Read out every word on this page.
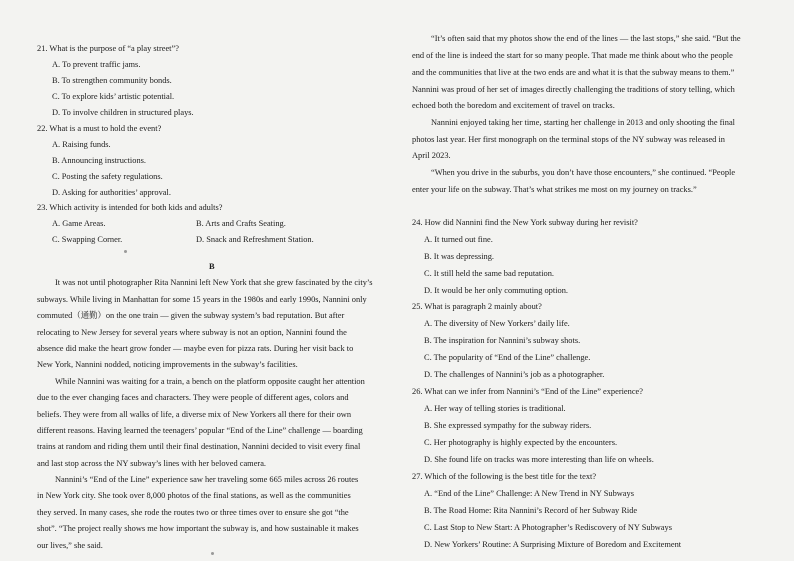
21. What is the purpose of “a play street”?
A. To prevent traffic jams.
B. To strengthen community bonds.
C. To explore kids’ artistic potential.
D. To involve children in structured plays.
22. What is a must to hold the event?
A. Raising funds.
B. Announcing instructions.
C. Posting the safety regulations.
D. Asking for authorities’ approval.
23. Which activity is intended for both kids and adults?
A. Game Areas.	B. Arts and Crafts Seating.
C. Swapping Corner.	D. Snack and Refreshment Station.
B
It was not until photographer Rita Nannini left New York that she grew fascinated by the city’s
subways. While living in Manhattan for some 15 years in the 1980s and early 1990s, Nannini only
commuted（通勤）on the one train — given the subway system’s bad reputation. But after
relocating to New Jersey for several years where subway is not an option, Nannini found the
absence did make the heart grow fonder — maybe even for pizza rats. During her visit back to
New York, Nannini nodded, noticing improvements in the subway’s facilities.
While Nannini was waiting for a train, a bench on the platform opposite caught her attention
due to the ever changing faces and characters. They were people of different ages, colors and
beliefs. They were from all walks of life, a diverse mix of New Yorkers all there for their own
different reasons. Having learned the teenagers’ popular “End of the Line” challenge — boarding
trains at random and riding them until their final destination, Nannini decided to visit every final
and last stop across the NY subway’s lines with her beloved camera.
Nannini’s “End of the Line” experience saw her traveling some 665 miles across 26 routes
in New York city. She took over 8,000 photos of the final stations, as well as the communities
they served. In many cases, she rode the routes two or three times over to ensure she got “the
shot”. “The project really shows me how important the subway is, and how sustainable it makes
our lives,” she said.
“It’s often said that my photos show the end of the lines — the last stops,” she said. “But the
end of the line is indeed the start for so many people. That made me think about who the people
and the communities that live at the two ends are and what it is that the subway means to them.”
Nannini was proud of her set of images directly challenging the traditions of story telling, which
echoed both the boredom and excitement of travel on tracks.
Nannini enjoyed taking her time, starting her challenge in 2013 and only shooting the final
photos last year. Her first monograph on the terminal stops of the NY subway was released in
April 2023.
“When you drive in the suburbs, you don’t have those encounters,” she continued. “People
enter your life on the subway. That’s what strikes me most on my journey on tracks.”
24. How did Nannini find the New York subway during her revisit?
A. It turned out fine.
B. It was depressing.
C. It still held the same bad reputation.
D. It would be her only commuting option.
25. What is paragraph 2 mainly about?
A. The diversity of New Yorkers’ daily life.
B. The inspiration for Nannini’s subway shots.
C. The popularity of “End of the Line” challenge.
D. The challenges of Nannini’s job as a photographer.
26. What can we infer from Nannini’s “End of the Line” experience?
A. Her way of telling stories is traditional.
B. She expressed sympathy for the subway riders.
C. Her photography is highly expected by the encounters.
D. She found life on tracks was more interesting than life on wheels.
27. Which of the following is the best title for the text?
A. “End of the Line” Challenge: A New Trend in NY Subways
B. The Road Home: Rita Nannini’s Record of her Subway Ride
C. Last Stop to New Start: A Photographer’s Rediscovery of NY Subways
D. New Yorkers’ Routine: A Surprising Mixture of Boredom and Excitement
